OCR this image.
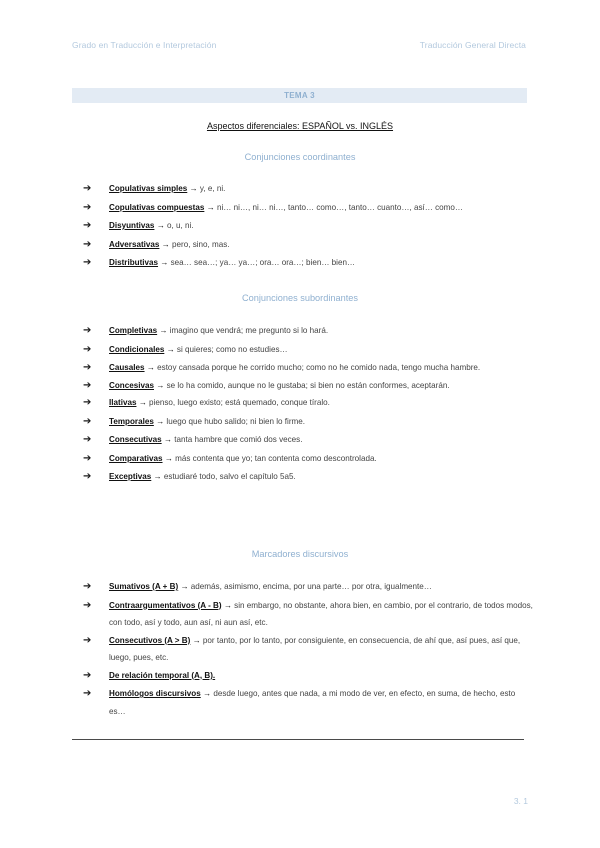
Grado en Traducción e Interpretación	Traducción General Directa
TEMA 3
Aspectos diferenciales: ESPAÑOL vs. INGLÉS
Conjunciones coordinantes
➔ Copulativas simples → y, e, ni.
➔ Copulativas compuestas → ni… ni…, ni… ni…, tanto… como…, tanto… cuanto…, así… como…
➔ Disyuntivas → o, u, ni.
➔ Adversativas → pero, sino, mas.
➔ Distributivas → sea… sea…; ya… ya…; ora… ora…; bien… bien…
Conjunciones subordinantes
➔ Completivas → imagino que vendrá; me pregunto si lo hará.
➔ Condicionales → si quieres; como no estudies…
➔ Causales → estoy cansada porque he corrido mucho; como no he comido nada, tengo mucha hambre.
➔ Concesivas → se lo ha comido, aunque no le gustaba; si bien no están conformes, aceptarán.
➔ Ilativas → pienso, luego existo; está quemado, conque tíralo.
➔ Temporales → luego que hubo salido; ni bien lo firme.
➔ Consecutivas → tanta hambre que comió dos veces.
➔ Comparativas → más contenta que yo; tan contenta como descontrolada.
➔ Exceptivas → estudiaré todo, salvo el capítulo 5a5.
Marcadores discursivos
➔ Sumativos (A + B) → además, asimismo, encima, por una parte… por otra, igualmente…
➔ Contraargumentativos (A - B) → sin embargo, no obstante, ahora bien, en cambio, por el contrario, de todos modos, con todo, así y todo, aun así, ni aun así, etc.
➔ Consecutivos (A > B) → por tanto, por lo tanto, por consiguiente, en consecuencia, de ahí que, así pues, así que, luego, pues, etc.
➔ De relación temporal (A, B).
➔ Homólogos discursivos → desde luego, antes que nada, a mi modo de ver, en efecto, en suma, de hecho, esto es…
3. 1
